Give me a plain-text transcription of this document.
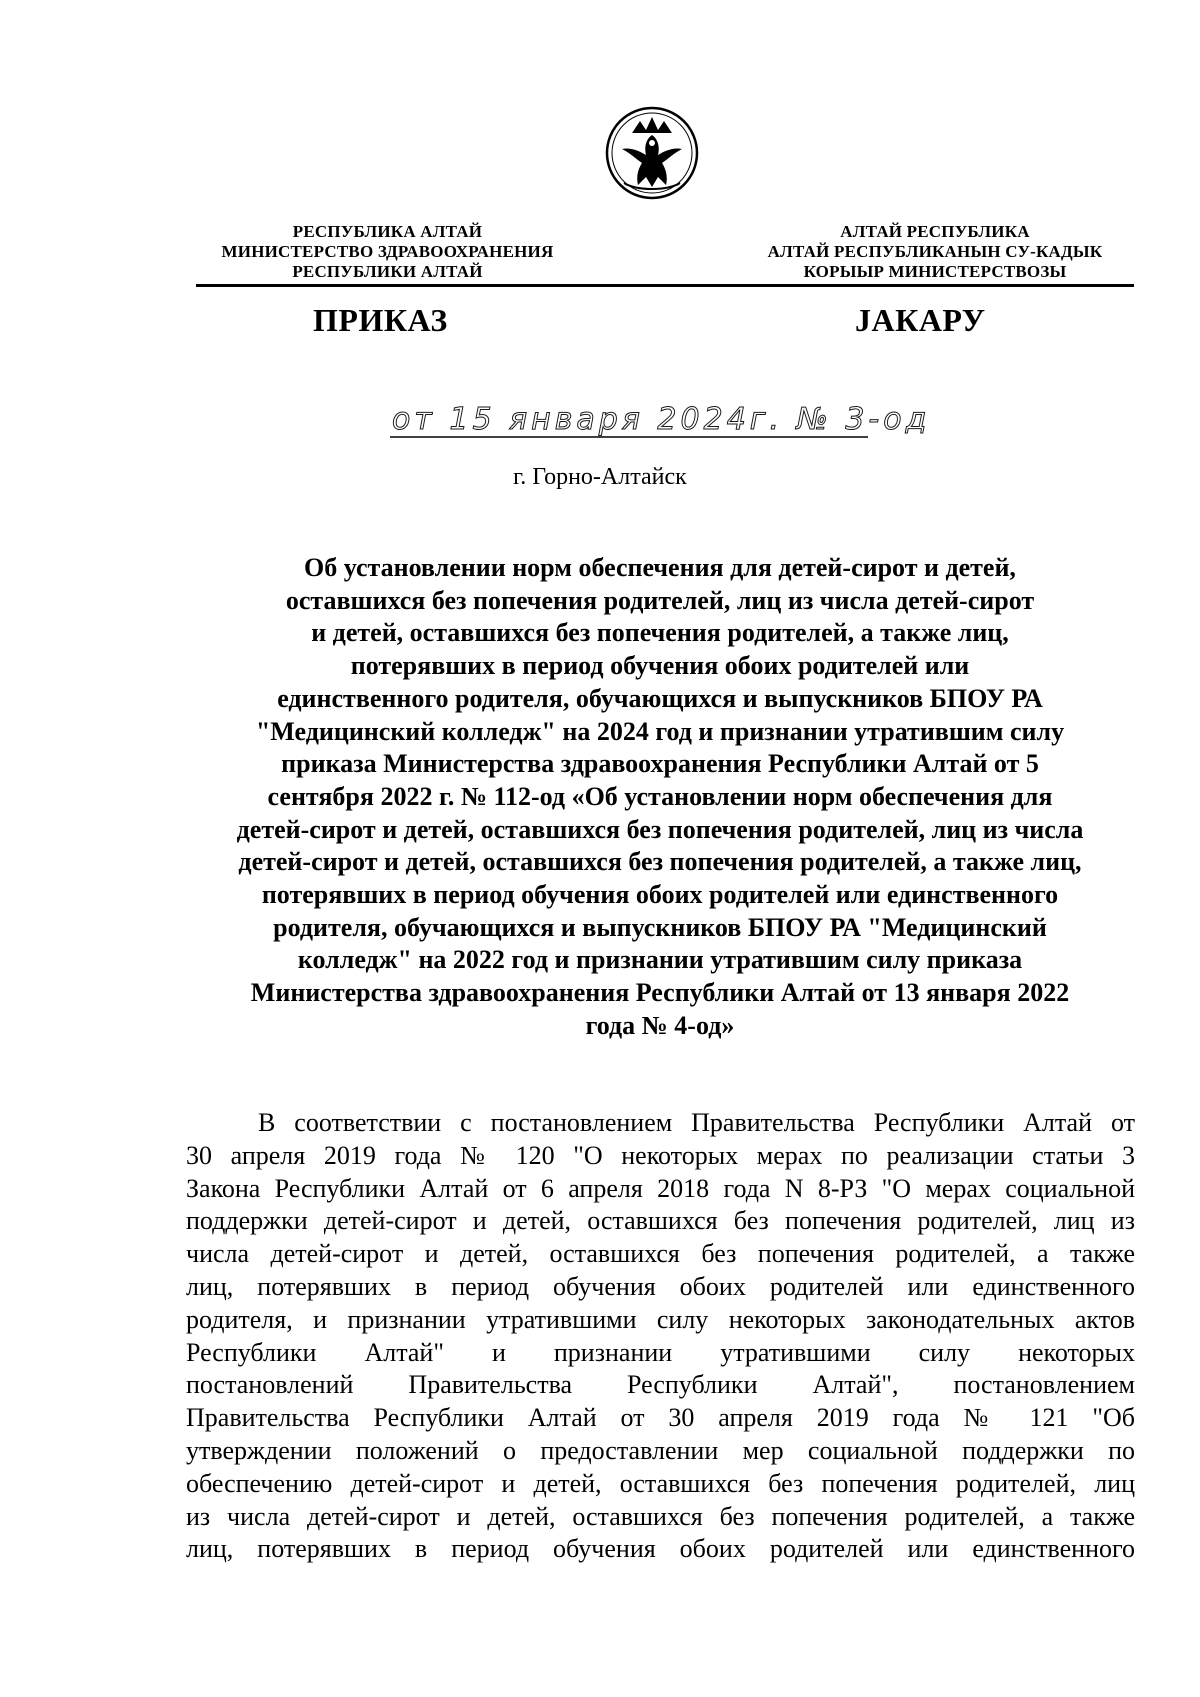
РЕСПУБЛИКА АЛТАЙ
МИНИСТЕРСТВО ЗДРАВООХРАНЕНИЯ
РЕСПУБЛИКИ АЛТАЙ
АЛТАЙ РЕСПУБЛИКА
АЛТАЙ РЕСПУБЛИКАНЫН СУ-КАДЫК
КОРЫЫР МИНИСТЕРСТВОЗЫ
ПРИКАЗ	JАКАРУ
от 15 января 2024г. № 3-од
г. Горно-Алтайск
Об установлении норм обеспечения для детей-сирот и детей,
оставшихся без попечения родителей, лиц из числа детей-сирот
и детей, оставшихся без попечения родителей, а также лиц,
потерявших в период обучения обоих родителей или
единственного родителя, обучающихся и выпускников БПОУ РА
"Медицинский колледж" на 2024 год и признании утратившим силу
приказа Министерства здравоохранения Республики Алтай от 5
сентября 2022 г. № 112-од «Об установлении норм обеспечения для
детей-сирот и детей, оставшихся без попечения родителей, лиц из числа
детей-сирот и детей, оставшихся без попечения родителей, а также лиц,
потерявших в период обучения обоих родителей или единственного
родителя, обучающихся и выпускников БПОУ РА "Медицинский
колледж" на 2022 год и признании утратившим силу приказа
Министерства здравоохранения Республики Алтай от 13 января 2022
года № 4-од»
В соответствии с постановлением Правительства Республики Алтай от
30 апреля 2019 года № 120 "О некоторых мерах по реализации статьи 3
Закона Республики Алтай от 6 апреля 2018 года N 8-РЗ "О мерах социальной
поддержки детей-сирот и детей, оставшихся без попечения родителей, лиц из
числа детей-сирот и детей, оставшихся без попечения родителей, а также
лиц, потерявших в период обучения обоих родителей или единственного
родителя, и признании утратившими силу некоторых законодательных актов
Республики Алтай" и признании утратившими силу некоторых
постановлений Правительства Республики Алтай", постановлением
Правительства Республики Алтай от 30 апреля 2019 года № 121 "Об
утверждении положений о предоставлении мер социальной поддержки по
обеспечению детей-сирот и детей, оставшихся без попечения родителей, лиц
из числа детей-сирот и детей, оставшихся без попечения родителей, а также
лиц, потерявших в период обучения обоих родителей или единственного
